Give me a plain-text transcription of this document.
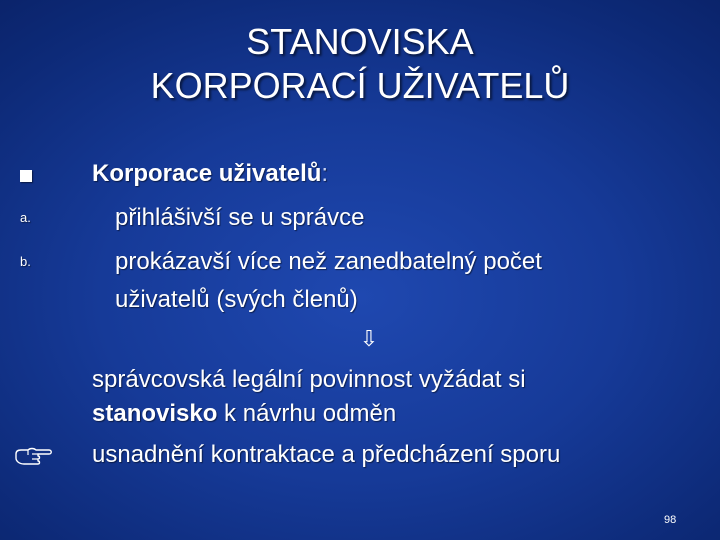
STANOVISKA
KORPORACÍ UŽIVATELŮ
Korporace uživatelů:
a.	přihlášivší se u správce
b.	prokázavší více než zanedbatelný počet
uživatelů (svých členů)
⇩
správcovská legální povinnost vyžádat si
stanovisko k návrhu odměn
usnadnění kontraktace a předcházení sporu
98
